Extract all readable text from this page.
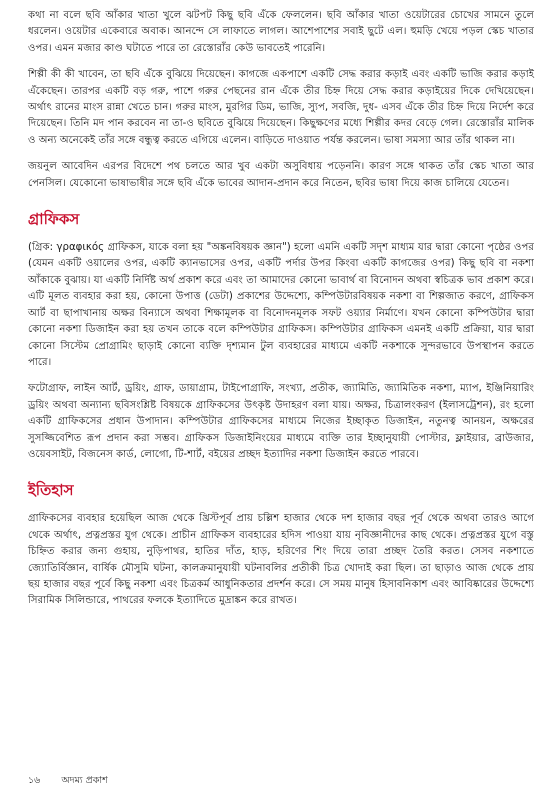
কথা না বলে ছবি আঁকার খাতা খুলে ঝটপট কিছু ছবি এঁকে ফেললেন। ছবি আঁকার খাতা ওয়েটারের চোখের সামনে তুলে ধরলেন। ওয়েটার একেবারে অবাক। আনন্দে সে লাফাতে লাগল। আশেপাশের সবাই ছুটে এল। হুমড়ি খেয়ে পড়ল স্কেচ খাতার ওপর। এমন মজার কাণ্ড ঘটাতে পারে তা রেস্তোরাঁর কেউ ভাবতেই পারেনি।

শিল্পী কী কী খাবেন, তা ছবি এঁকে বুঝিয়ে দিয়েছেন। কাগজে একপাশে একটি সেদ্ধ করার কড়াই এবং একটি ভাজি করার কড়াই এঁকেছেন। তারপর একটি বড় গরু, পাশে গরুর পেছনের রান এঁকে তীর চিহ্ন দিয়ে সেদ্ধ করার কড়াইয়ের দিকে দেখিয়েছেন। অর্থাৎ রানের মাংস রান্না খেতে চান। গরুর মাংস, মুরগির ডিম, ভাজি, স্যুপ, সবজি, দুধ- এসব এঁকে তীর চিহ্ন দিয়ে নির্দেশ করে দিয়েছেন। তিনি মদ পান করবেন না তা-ও ছবিতে বুঝিয়ে দিয়েছেন। কিছুক্ষণের মধ্যে শিল্পীর কদর বেড়ে গেল। রেস্তোরাঁর মালিক ও অন্য অনেকেই তাঁর সঙ্গে বন্ধুত্ব করতে এগিয়ে এলেন। বাড়িতে দাওয়াত পর্যন্ত করলেন। ভাষা সমস্যা আর তাঁর থাকল না।

জয়নুল আবেদিন এরপর বিদেশে পথ চলতে আর খুব একটা অসুবিধায় পড়েননি। কারণ সঙ্গে থাকত তাঁর স্কেচ খাতা আর পেনসিল। যেকোনো ভাষাভাষীর সঙ্গে ছবি এঁকে ভাবের আদান-প্রদান করে নিতেন, ছবির ভাষা দিয়ে কাজ চালিয়ে যেতেন।

গ্রাফিকস

(গ্রিক: γραφικός গ্রাফিকস, যাকে বলা হয় "অঙ্কনবিষয়ক জ্ঞান") হলো এমনি একটি সদৃশ মাধ্যম যার দ্বারা কোনো পৃষ্ঠের ওপর (যেমন একটি ওয়ালের ওপর, একটি ক্যানভাসের ওপর, একটি পর্দার উপর কিংবা একটি কাগজের ওপর) কিছু ছবি বা নকশা আঁকাকে বুঝায়। যা একটি নির্দিষ্ট অর্থ প্রকাশ করে এবং তা আমাদের কোনো ভাবার্থ বা বিনোদন অথবা স্বচিত্রক ভাব প্রকাশ করে। এটি মূলত ব্যবহার করা হয়, কোনো উপাত্ত (ডেটা) প্রকাশের উদ্দেশ্যে, কম্পিউটারবিষয়ক নকশা বা শিল্পজাত করণে, গ্রাফিকস আর্ট বা ছাপাখানায় অক্ষর বিন্যাসে অথবা শিক্ষামূলক বা বিনোদনমূলক সফট ওয়্যার নির্মাণে। যখন কোনো কম্পিউটার দ্বারা কোনো নকশা ডিজাইন করা হয় তখন তাকে বলে কম্পিউটার গ্রাফিকস। কম্পিউটার গ্রাফিকস এমনই একটি প্রক্রিয়া, যার দ্বারা কোনো সিস্টেম প্রোগ্রামিং ছাড়াই কোনো ব্যক্তি দৃশ্যমান টুল ব্যবহারের মাধ্যমে একটি নকশাকে সুন্দরভাবে উপস্থাপন করতে পারে।

ফটোগ্রাফ, লাইন আর্ট, ড্রয়িং, গ্রাফ, ডায়াগ্রাম, টাইপোগ্রাফি, সংখ্যা, প্রতীক, জ্যামিতি, জ্যামিতিক নকশা, ম্যাপ, ইঞ্জিনিয়ারিং ড্রয়িং অথবা অন্যান্য ছবিসংশ্লিষ্ট বিষয়কে গ্রাফিকসের উৎকৃষ্ট উদাহরণ বলা যায়। অক্ষর, চিত্রালংকরণ (ইলাসট্রেশন), রং হলো একটি গ্রাফিকসের প্রধান উপাদান। কম্পিউটার গ্রাফিকসের মাধ্যমে নিজের ইচ্ছাকৃত ডিজাইন, নতুনত্ব আনয়ন, অক্ষরের সুসজ্জিবেশিত রূপ প্রদান করা সম্ভব। গ্রাফিকস ডিজাইনিংয়ের মাধ্যমে ব্যক্তি তার ইচ্ছানুযায়ী পোস্টার, ফ্লাইয়ার, ব্রাউজার, ওয়েবসাইট, বিজনেস কার্ড, লোগো, টি-শার্ট, বইয়ের প্রচ্ছদ ইত্যাদির নকশা ডিজাইন করতে পারবে।

ইতিহাস

গ্রাফিকসের ব্যবহার হয়েছিল আজ থেকে খ্রিস্টপূর্ব প্রায় চল্লিশ হাজার থেকে দশ হাজার বছর পূর্ব থেকে অথবা তারও আগে থেকে অর্থাৎ, প্রত্নপ্রস্তর যুগ থেকে। প্রাচীন গ্রাফিকস ব্যবহারের হদিস পাওয়া যায় নৃবিজ্ঞানীদের কাছ থেকে। প্রত্নপ্রস্তর যুগে বস্তু চিহ্নিত করার জন্য গুহায়, নুড়িপাথর, হাতির দাঁত, হাড়, হরিণের শিং দিয়ে তারা প্রচ্ছদ তৈরি করত। সেসব নকশাতে জ্যোতির্বিজ্ঞান, বার্ষিক মৌসুমি ঘটনা, কালক্রমানুযায়ী ঘটনাবলির প্রতীকী চিত্র খোদাই করা ছিল। তা ছাড়াও আজ থেকে প্রায় ছয় হাজার বছর পূর্বে কিছু নকশা এবং চিত্রকর্ম আধুনিকতার প্রদর্শন করে। সে সময় মানুষ হিসাবনিকাশ এবং আবিষ্কারের উদ্দেশ্যে সিরামিক সিলিন্ডারে, পাথরের ফলকে ইত্যাদিতে মুদ্রাঙ্কন করে রাখত।

১৬ অদম্য প্রকাশ
